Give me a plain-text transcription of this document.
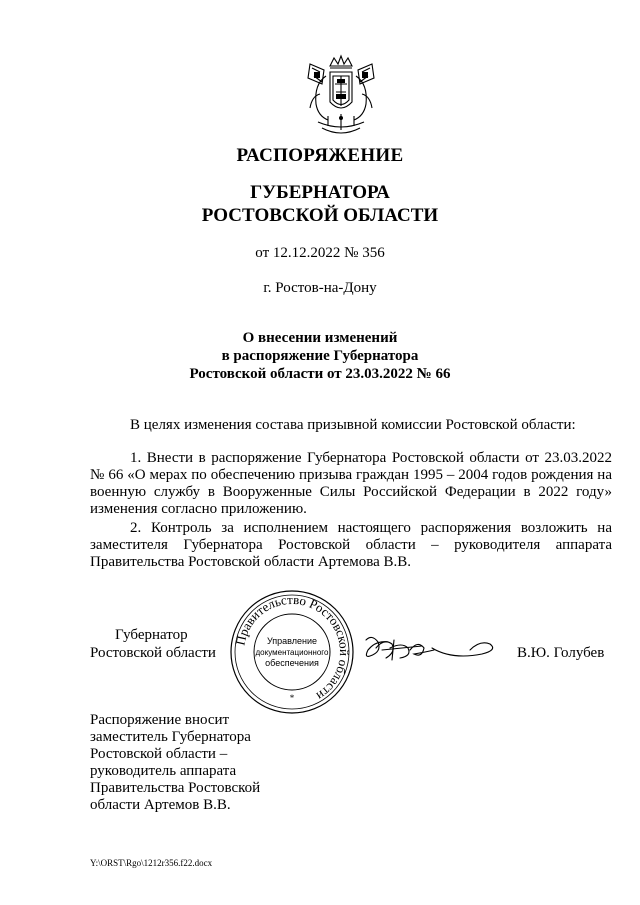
РАСПОРЯЖЕНИЕ
ГУБЕРНАТОРА
РОСТОВСКОЙ ОБЛАСТИ
от 12.12.2022 № 356
г. Ростов-на-Дону
О внесении изменений
в распоряжение Губернатора
Ростовской области от 23.03.2022 № 66

В целях изменения состава призывной комиссии Ростовской области:

1. Внести в распоряжение Губернатора Ростовской области от 23.03.2022 № 66 «О мерах по обеспечению призыва граждан 1995 – 2004 годов рождения на военную службу в Вооруженные Силы Российской Федерации в 2022 году» изменения согласно приложению.

2. Контроль за исполнением настоящего распоряжения возложить на заместителя Губернатора Ростовской области – руководителя аппарата Правительства Ростовской области Артемова В.В.

Губернатор
Ростовской области
Правительство Ростовской области
Управление
документационного
обеспечения
*
В.Ю. Голубев
Распоряжение вносит
заместитель Губернатора
Ростовской области –
руководитель аппарата
Правительства Ростовской
области Артемов В.В.
Y:\ORST\Rgo\1212r356.f22.docx
